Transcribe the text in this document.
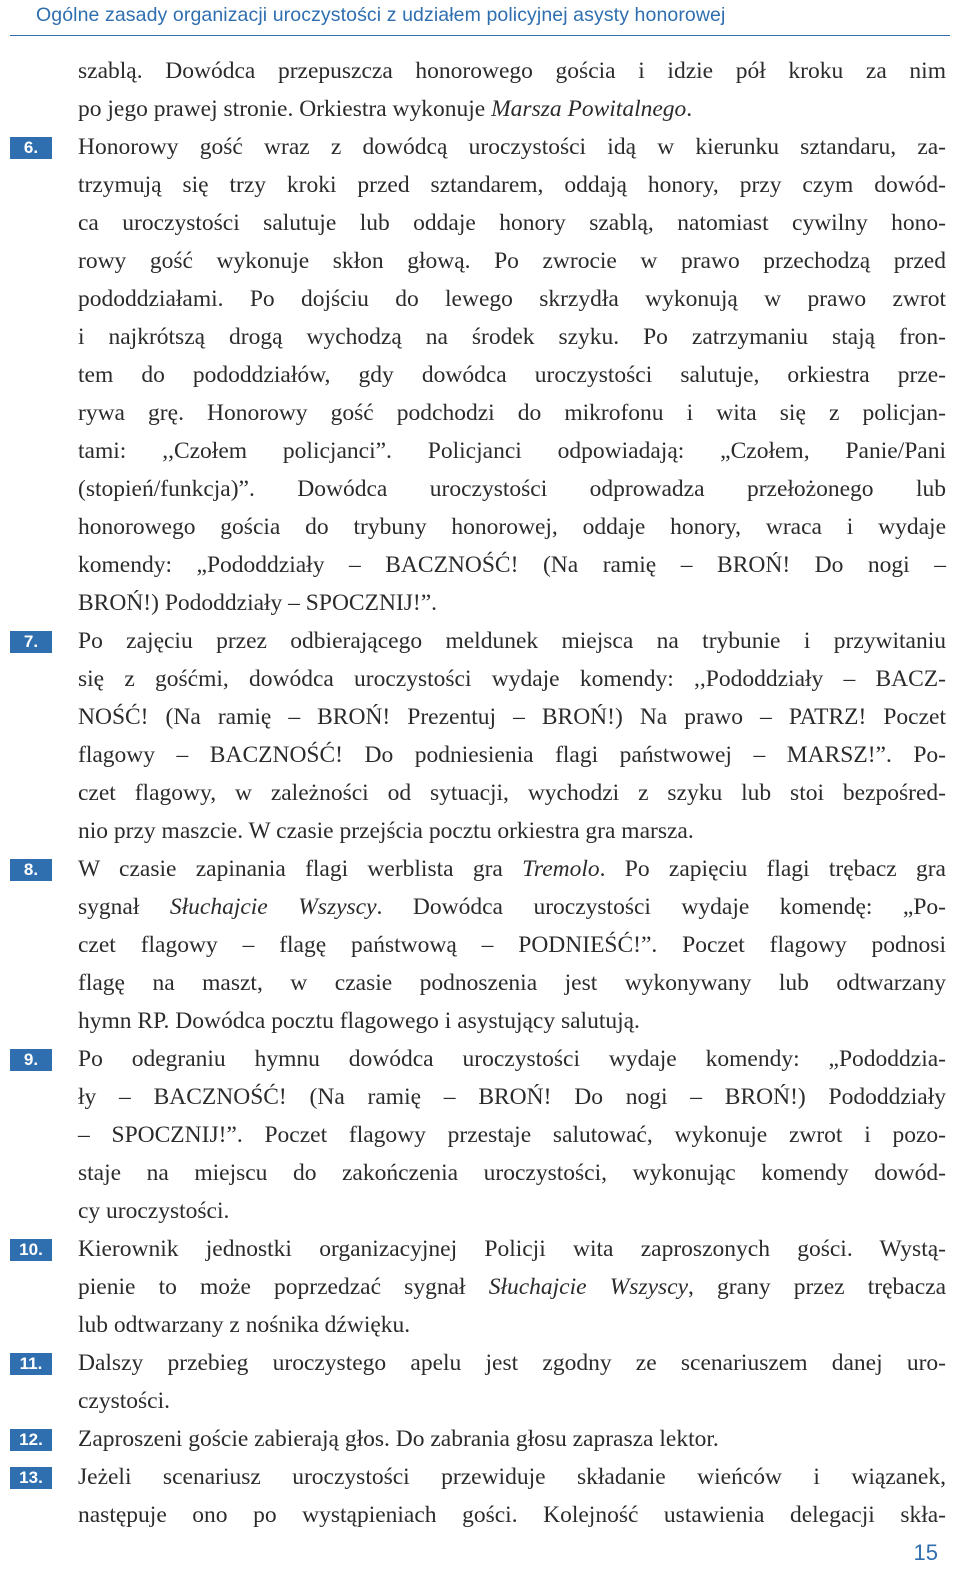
Ogólne zasady organizacji uroczystości z udziałem policyjnej asysty honorowej
szablą. Dowódca przepuszcza honorowego gościa i idzie pół kroku za nim
po jego prawej stronie. Orkiestra wykonuje Marsza Powitalnego.
6.	Honorowy gość wraz z dowódcą uroczystości idą w kierunku sztandaru, za-
trzymują się trzy kroki przed sztandarem, oddają honory, przy czym dowód-
ca uroczystości salutuje lub oddaje honory szablą, natomiast cywilny hono-
rowy gość wykonuje skłon głową. Po zwrocie w prawo przechodzą przed
pododdziałami. Po dojściu do lewego skrzydła wykonują w prawo zwrot
i najkrótszą drogą wychodzą na środek szyku. Po zatrzymaniu stają fron-
tem do pododdziałów, gdy dowódca uroczystości salutuje, orkiestra prze-
rywa grę. Honorowy gość podchodzi do mikrofonu i wita się z policjan-
tami: ,,Czołem policjanci”. Policjanci odpowiadają: „Czołem, Panie/Pani
(stopień/funkcja)”. Dowódca uroczystości odprowadza przełożonego lub
honorowego gościa do trybuny honorowej, oddaje honory, wraca i wydaje
komendy: „Pododdziały – BACZNOŚĆ! (Na ramię – BROŃ! Do nogi –
BROŃ!) Pododdziały – SPOCZNIJ!”.
7.	Po zajęciu przez odbierającego meldunek miejsca na trybunie i przywitaniu
się z gośćmi, dowódca uroczystości wydaje komendy: ,,Pododdziały – BACZ-
NOŚĆ! (Na ramię – BROŃ! Prezentuj – BROŃ!) Na prawo – PATRZ! Poczet
flagowy – BACZNOŚĆ! Do podniesienia flagi państwowej – MARSZ!”. Po-
czet flagowy, w zależności od sytuacji, wychodzi z szyku lub stoi bezpośred-
nio przy maszcie. W czasie przejścia pocztu orkiestra gra marsza.
8.	W czasie zapinania flagi werblista gra Tremolo. Po zapięciu flagi trębacz gra
sygnał Słuchajcie Wszyscy. Dowódca uroczystości wydaje komendę: „Po-
czet flagowy – flagę państwową – PODNIEŚĆ!”. Poczet flagowy podnosi
flagę na maszt, w czasie podnoszenia jest wykonywany lub odtwarzany
hymn RP. Dowódca pocztu flagowego i asystujący salutują.
9.	Po odegraniu hymnu dowódca uroczystości wydaje komendy: „Pododdzia-
ły – BACZNOŚĆ! (Na ramię – BROŃ! Do nogi – BROŃ!) Pododdziały
– SPOCZNIJ!”. Poczet flagowy przestaje salutować, wykonuje zwrot i pozo-
staje na miejscu do zakończenia uroczystości, wykonując komendy dowód-
cy uroczystości.
10.	Kierownik jednostki organizacyjnej Policji wita zaproszonych gości. Wystą-
pienie to może poprzedzać sygnał Słuchajcie Wszyscy, grany przez trębacza
lub odtwarzany z nośnika dźwięku.
11.	Dalszy przebieg uroczystego apelu jest zgodny ze scenariuszem danej uro-
czystości.
12.	Zaproszeni goście zabierają głos. Do zabrania głosu zaprasza lektor.
13.	Jeżeli scenariusz uroczystości przewiduje składanie wieńców i wiązanek,
następuje ono po wystąpieniach gości. Kolejność ustawienia delegacji skła-
15
